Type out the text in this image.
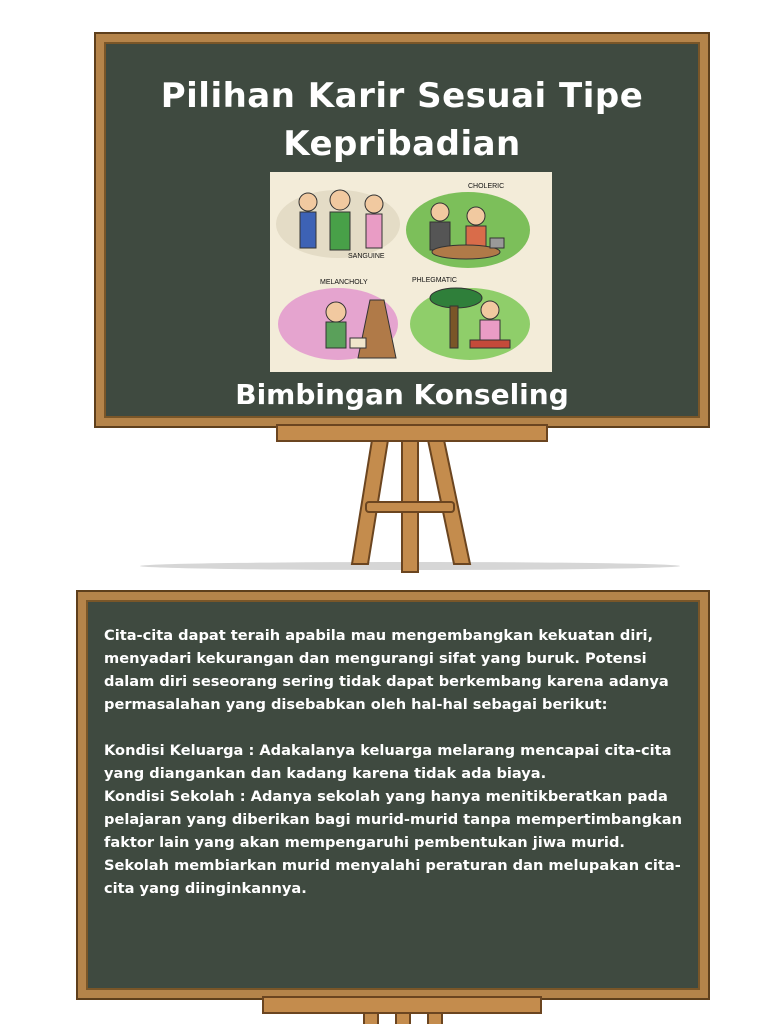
Pilihan Karir Sesuai Tipe
Kepribadian
SANGUINE
CHOLERIC
MELANCHOLY	PHLEGMATIC
Bimbingan Konseling

Cita-cita dapat teraih apabila mau mengembangkan kekuatan diri, menyadari kekurangan dan mengurangi sifat yang buruk. Potensi dalam diri seseorang sering tidak dapat berkembang karena adanya permasalahan yang disebabkan oleh hal-hal sebagai berikut:

Kondisi Keluarga : Adakalanya keluarga melarang mencapai cita-cita yang diangankan dan kadang karena tidak ada biaya.

Kondisi Sekolah : Adanya sekolah yang hanya menitikberatkan pada pelajaran yang diberikan bagi murid-murid tanpa mempertimbangkan faktor lain yang akan mempengaruhi pembentukan jiwa murid. Sekolah membiarkan murid menyalahi peraturan dan melupakan cita-cita yang diinginkannya.
